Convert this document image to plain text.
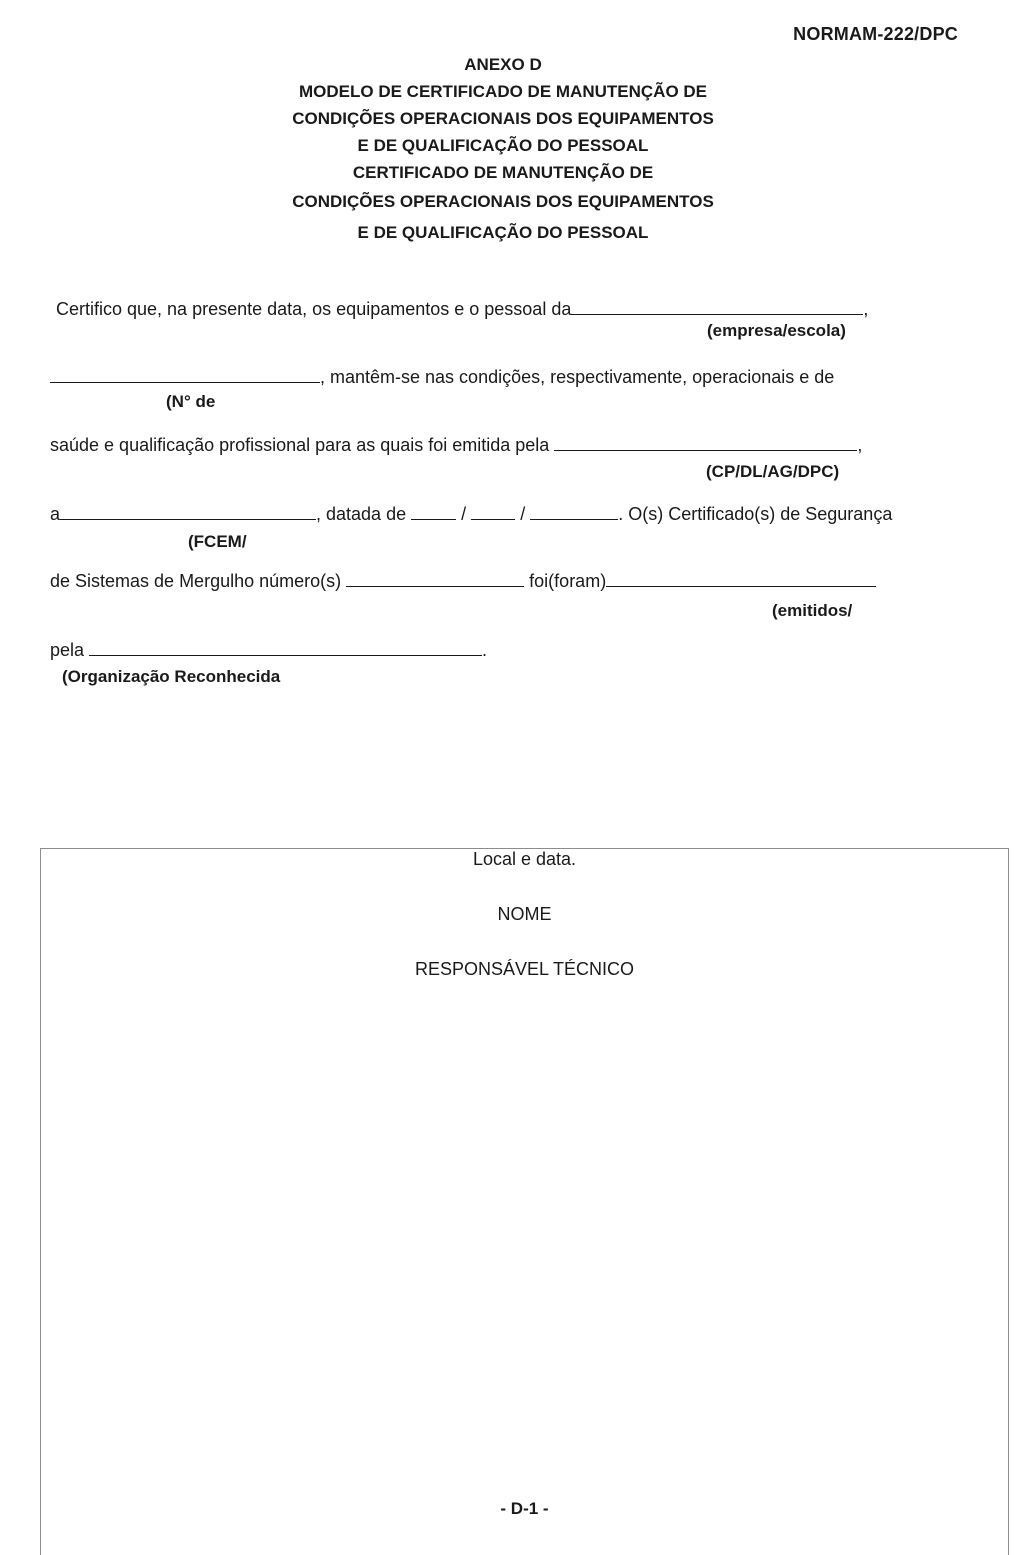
NORMAM-222/DPC
ANEXO D
MODELO DE CERTIFICADO DE MANUTENÇÃO DE
CONDIÇÕES OPERACIONAIS DOS EQUIPAMENTOS
E DE QUALIFICAÇÃO DO PESSOAL
CERTIFICADO DE MANUTENÇÃO DE
CONDIÇÕES OPERACIONAIS DOS EQUIPAMENTOS
E DE QUALIFICAÇÃO DO PESSOAL
Certifico que, na presente data, os equipamentos e o pessoal da	,
(empresa/escola)
, mantêm-se nas condições, respectivamente, operacionais e de
(N° de
saúde e qualificação profissional para as quais foi emitida pela	,
(CP/DL/AG/DPC)
a	, datada de	/	/	. O(s) Certificado(s) de Segurança
(FCEM/
de Sistemas de Mergulho número(s)	foi(foram)
(emitidos/
pela	.
(Organização Reconhecida
Local e data.
NOME
RESPONSÁVEL TÉCNICO
- D-1 -
